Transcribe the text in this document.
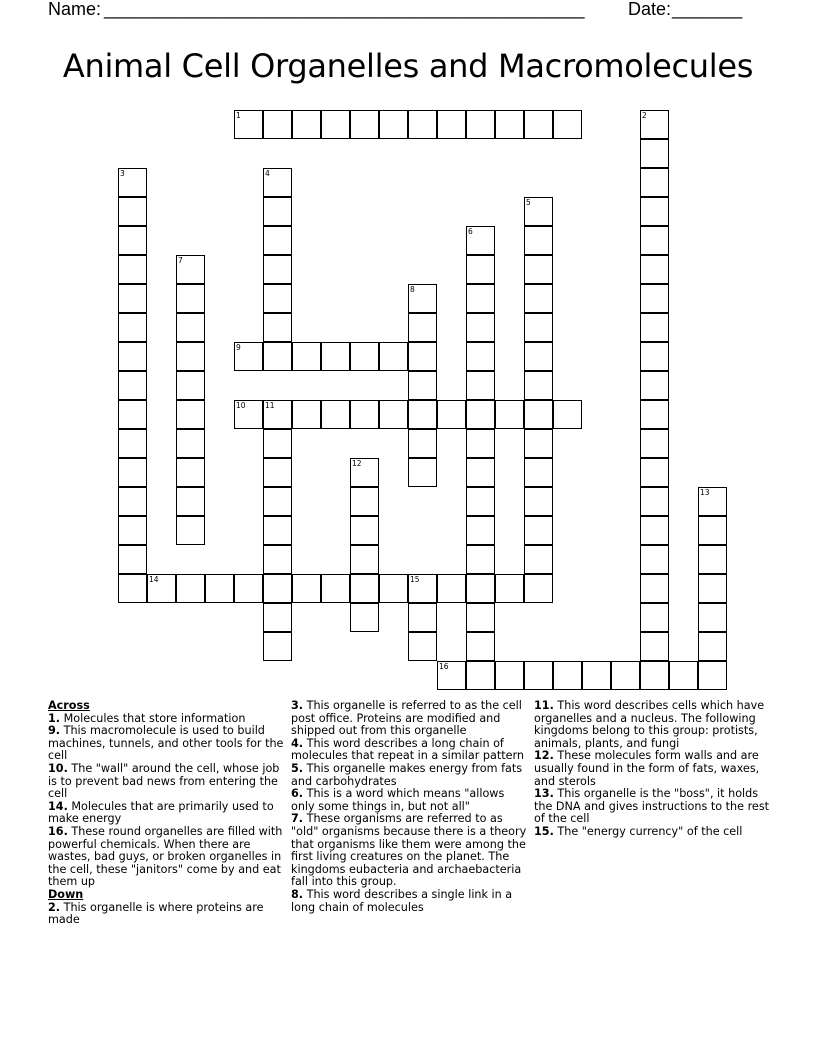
Name: ________________________________________________ Date: _______
Animal Cell Organelles and Macromolecules
1	2
3	4
5
6
7
8
9
10	11
12
13
14	15
16
Across
1. Molecules that store information
9. This macromolecule is used to build machines, tunnels, and other tools for the cell
10. The "wall" around the cell, whose job is to prevent bad news from entering the cell
14. Molecules that are primarily used to make energy
16. These round organelles are filled with powerful chemicals. When there are wastes, bad guys, or broken organelles in the cell, these "janitors" come by and eat them up
Down
2. This organelle is where proteins are made
3. This organelle is referred to as the cell post office. Proteins are modified and shipped out from this organelle
4. This word describes a long chain of molecules that repeat in a similar pattern
5. This organelle makes energy from fats and carbohydrates
6. This is a word which means "allows only some things in, but not all"
7. These organisms are referred to as "old" organisms because there is a theory that organisms like them were among the first living creatures on the planet. The kingdoms eubacteria and archaebacteria fall into this group.
8. This word describes a single link in a long chain of molecules
11. This word describes cells which have organelles and a nucleus. The following kingdoms belong to this group: protists, animals, plants, and fungi
12. These molecules form walls and are usually found in the form of fats, waxes, and sterols
13. This organelle is the "boss", it holds the DNA and gives instructions to the rest of the cell
15. The "energy currency" of the cell
